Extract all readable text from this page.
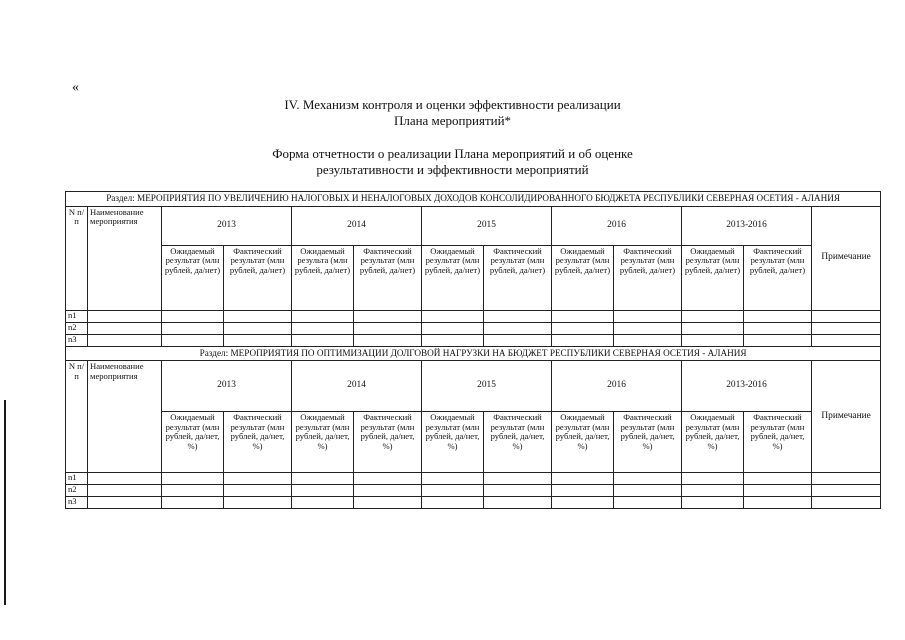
«
IV. Механизм контроля и оценки эффективности реализации
Плана мероприятий*
Форма отчетности о реализации Плана мероприятий и об оценке
результативности и эффективности мероприятий
Раздел: МЕРОПРИЯТИЯ ПО УВЕЛИЧЕНИЮ НАЛОГОВЫХ И НЕНАЛОГОВЫХ ДОХОДОВ КОНСОЛИДИРОВАННОГО БЮДЖЕТА РЕСПУБЛИКИ СЕВЕРНАЯ ОСЕТИЯ - АЛАНИЯ												
N п/п	Наименование мероприятия	2013		2014		2015		2016		2013-2016		Примечание
		Ожидаемый результат (млн рублей, да/нет)	Фактический результат (млн рублей, да/нет)	Ожидаемый результа (млн рублей, да/нет)	Фактический результат (млн рублей, да/нет)	Ожидаемый результат (млн рублей, да/нет)	Фактический результат (млн рублей, да/нет)	Ожидаемый результат (млн рублей, да/нет)	Фактический результат (млн рублей, да/нет)	Ожидаемый результат (млн рублей, да/нет)	Фактический результат (млн рублей, да/нет)	
n1												
n2												
n3												
Раздел: МЕРОПРИЯТИЯ ПО ОПТИМИЗАЦИИ ДОЛГОВОЙ НАГРУЗКИ НА БЮДЖЕТ РЕСПУБЛИКИ СЕВЕРНАЯ ОСЕТИЯ - АЛАНИЯ												
N п/п	Наименование мероприятия	2013		2014		2015		2016		2013-2016		Примечание
		Ожидаемый результат (млн рублей, да/нет, %)	Фактический результат (млн рублей, да/нет, %)	Ожидаемый результат (млн рублей, да/нет, %)	Фактический результат (млн рублей, да/нет, %)	Ожидаемый результат (млн рублей, да/нет, %)	Фактический результат (млн рублей, да/нет, %)	Ожидаемый результат (млн рублей, да/нет, %)	Фактический результат (млн рублей, да/нет, %)	Ожидаемый результат (млн рублей, да/нет, %)	Фактический результат (млн рублей, да/нет, %)	
n1												
n2												
n3												
